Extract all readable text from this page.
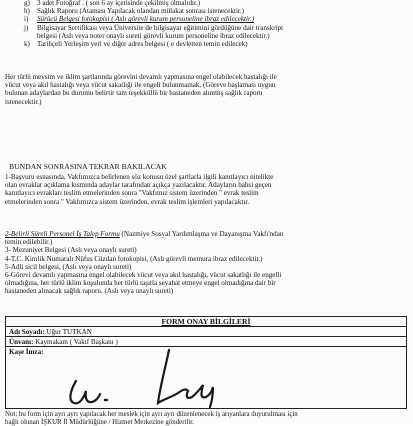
g) 3 adet Fotoğraf . ( son 6 ay içerisinde çekilmiş olmalıdır.)
h) Sağlık Raporu (Ataması Yapılacak olandan mülakat sonrası istenecektir.)
i)	Sürücü Belgesi fotokopisi ( Aslı görevli kurum personeline ibraz edilecektir.)
j)	Bilgisayar Sertifikası veya Üniversite de bilgisayar eğitimini gördüğüne dair transkript
belgesi (Aslı veya noter onaylı sureti görevli kurum personeline ibraz edilecektir.)
k) Tarihçeli Yerleşim yeri ve diğer adres belgesi ( e devletten temin edilecek)
Her türlü mevsim ve iklim şartlarında görevini devamlı yapmasına engel olabilecek hastalığı ile
vücut veya akıl hastalığı veya vücut sakatlığı ile engeli bulunmamak, (Göreve başlaması uygun
bulunan adaylardan bu durumu belirtir tam teşekküllü bir hastaneden alınmış sağlık raporu
istenecektir.)
BUNDAN SONRASINA TEKRAR BAKILACAK
1-Başvuru esnasında, Vakfımızca belirlenen söz konusu özel şartlarla ilgili kanıtlayıcı nitelikte
olan evraklar açıklama kısmında adaylar tarafından açıkça yazılacaktır. Adayların bahsi geçen
kanıtlayıcı evrakları teslim etmelerinden sonra "Vakfımız sistem üzerinden " evrak teslim
etmelerinden sonra " Vakfımızca sistem üzerinden, evrak teslim işlemleri yapılacaktır.
2-Belirli Süreli Personel İş Talep Formu (Nazmiye Sosyal Yardımlaşma ve Dayanışma Vakfı'ndan
temin edilebilir.)
3- Mezuniyet Belgesi (Aslı veya onaylı sureti)
4-T.C. Kimlik Numaralı Nüfus Cüzdan fotokopisi, (Aslı görevli memura ibraz edilecektir.)
5-Adli sicil belgesi, (Aslı veya onaylı sureti)
6-Görevi devamlı yapmasına engel olabilecek vücut veya akıl hastalığı, vücut sakatlığı ile engelli
olmadığına, her türlü iklim koşulunda her türlü taşıtla seyahat etmeye engel olmadığına dair bir
hastaneden alınacak sağlık raporu. (Aslı veya onaylı sureti)
FORM ONAY BİLGİLERİ
Adı Soyadı: Uğur TUTKAN
Ünvanı: Kaymakam ( Vakıf Başkanı )
Kaşe İmza:
Not: bu form için ayrı ayrı yapılacak her meslek için ayrı ayrı düzenlenecek iş arıyanlara duyurulması için
bağlı olunan İŞKUR İl Müdürlüğüne / Hizmet Merkezine gönderilir.
